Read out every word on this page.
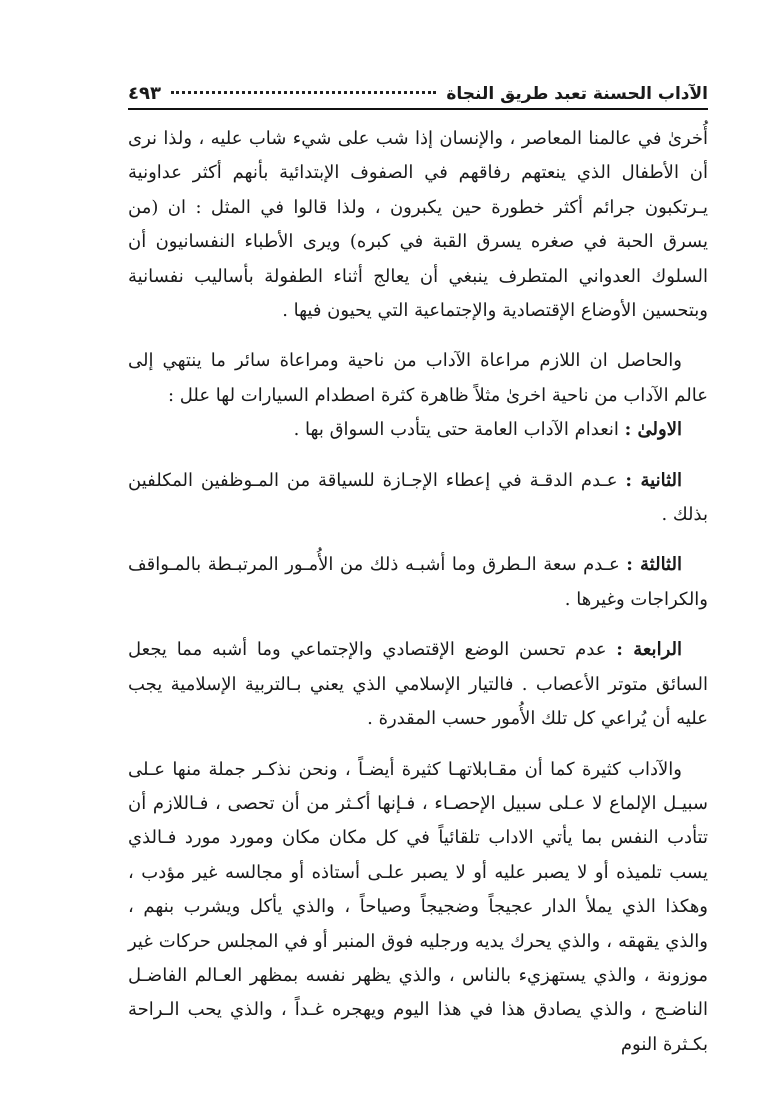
الآداب الحسنة تعبد طريق النجاة
٤٩٣

أُخرىٰ في عالمنا المعاصر ، والإنسان إذا شب على شيء شاب عليه ، ولذا نرى أن الأطفال الذي ينعتهم رفاقهم في الصفوف الإبتدائية بأنهم أكثر عداونية يـرتكبون جرائم أكثر خطورة حين يكبرون ، ولذا قالوا في المثل : ان (من يسرق الحبة في صغره يسرق القبة في كبره) ويرى الأطباء النفسانيون أن السلوك العدواني المتطرف ينبغي أن يعالج أثناء الطفولة بأساليب نفسانية وبتحسين الأوضاع الإقتصادية والإجتماعية التي يحيون فيها .

والحاصل ان اللازم مراعاة الآداب من ناحية ومراعاة سائر ما ينتهي إلى عالم الآداب من ناحية اخرىٰ مثلاً ظاهرة كثرة اصطدام السيارات لها علل :

الاولىٰ : انعدام الآداب العامة حتى يتأدب السواق بها .

الثانية : عـدم الدقـة في إعطاء الإجـازة للسياقة من المـوظفين المكلفين بذلك .

الثالثة : عـدم سعة الـطرق وما أشبـه ذلك من الأُمـور المرتبـطة بالمـواقف والكراجات وغيرها .

الرابعة : عدم تحسن الوضع الإقتصادي والإجتماعي وما أشبه مما يجعل السائق متوتر الأعصاب . فالتيار الإسلامي الذي يعني بـالتربية الإسلامية يجب عليه أن يُراعي كل تلك الأُمور حسب المقدرة .

والآداب كثيرة كما أن مقـابلاتهـا كثيرة أيضـاً ، ونحن نذكـر جملة منها عـلى سبيـل الإلماع لا عـلى سبيل الإحصـاء ، فـإنها أكـثر من أن تحصى ، فـاللازم أن تتأدب النفس بما يأتي الاداب تلقائياً في كل مكان مكان ومورد مورد فـالذي يسب تلميذه أو لا يصبر عليه أو لا يصبر علـى أستاذه أو مجالسه غير مؤدب ، وهكذا الذي يملأ الدار عجيجاً وضجيجاً وصياحاً ، والذي يأكل ويشرب بنهم ، والذي يقهقه ، والذي يحرك يديه ورجليه فوق المنبر أو في المجلس حركات غير موزونة ، والذي يستهزيء بالناس ، والذي يظهر نفسه بمظهر العـالم الفاضـل الناضـج ، والذي يصادق هذا في هذا اليوم ويهجره غـداً ، والذي يحب الـراحة بكـثرة النوم
